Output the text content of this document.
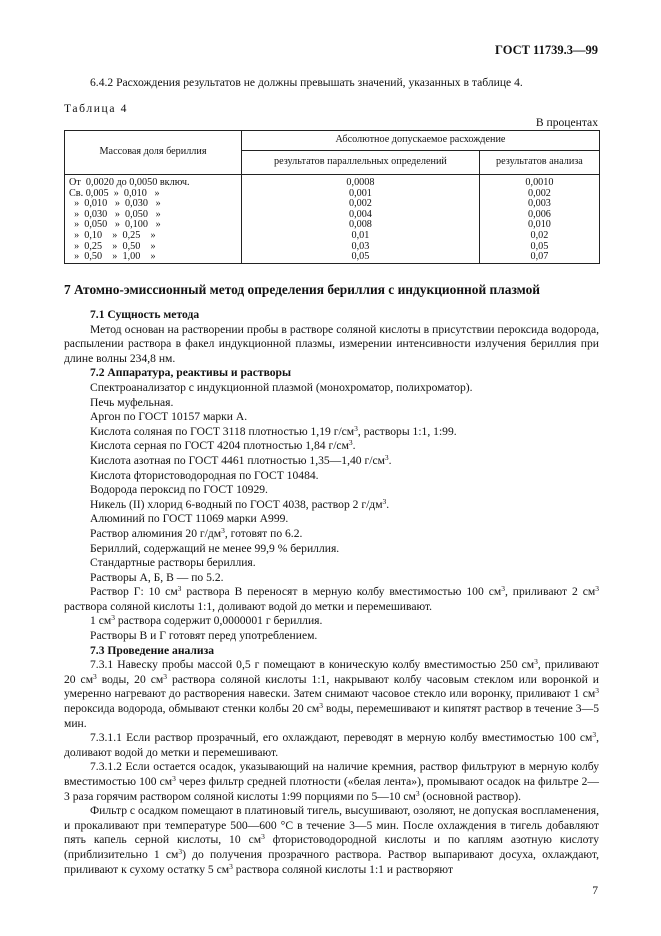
ГОСТ 11739.3—99
6.4.2 Расхождения результатов не должны превышать значений, указанных в таблице 4.
Таблица 4
В процентах
Массовая доля бериллия	Абсолютное допускаемое расхождение	
	результатов параллельных определений	результатов анализа
От  0,0020 до 0,0050 включ.	0,0008	0,0010
Св. 0,005  »  0,010   »	0,001	0,002
»  0,010   »  0,030   »	0,002	0,003
»  0,030   »  0,050   »	0,004	0,006
»  0,050   »  0,100   »	0,008	0,010
»  0,10    »  0,25    »	0,01	0,02
»  0,25    »  0,50    »	0,03	0,05
»  0,50    »  1,00    »	0,05	0,07
7 Атомно-эмиссионный метод определения бериллия с индукционной плазмой
7.1 Сущность метода
Метод основан на растворении пробы в растворе соляной кислоты в присутствии пероксида водорода, распылении раствора в факел индукционной плазмы, измерении интенсивности излучения бериллия при длине волны 234,8 нм.
7.2 Аппаратура, реактивы и растворы
Спектроанализатор с индукционной плазмой (монохроматор, полихроматор).
Печь муфельная.
Аргон по ГОСТ 10157 марки А.
Кислота соляная по ГОСТ 3118 плотностью 1,19 $г/см^3$, растворы 1:1, 1:99.
Кислота серная по ГОСТ 4204 плотностью 1,84 $г/см^3$.
Кислота азотная по ГОСТ 4461 плотностью 1,35—1,40 $г/см^3$.
Кислота фтористоводородная по ГОСТ 10484.
Водорода пероксид по ГОСТ 10929.
Никель (II) хлорид 6-водный по ГОСТ 4038, раствор 2 $г/дм^3$.
Алюминий по ГОСТ 11069 марки А999.
Раствор алюминия 20 $г/дм^3$, готовят по 6.2.
Бериллий, содержащий не менее 99,9 % бериллия.
Стандартные растворы бериллия.
Растворы А, Б, В — по 5.2.
Раствор Г: 10 $см^3$ раствора В переносят в мерную колбу вместимостью 100 $см^3$, приливают 2 $см^3$ раствора соляной кислоты 1:1, доливают водой до метки и перемешивают.
1 $см^3$ раствора содержит 0,0000001 г бериллия.
Растворы В и Г готовят перед употреблением.
7.3 Проведение анализа
7.3.1 Навеску пробы массой 0,5 г помещают в коническую колбу вместимостью 250 $см^3$, приливают 20 $см^3$ воды, 20 $см^3$ раствора соляной кислоты 1:1, накрывают колбу часовым стеклом или воронкой и умеренно нагревают до растворения навески. Затем снимают часовое стекло или воронку, приливают 1 $см^3$ пероксида водорода, обмывают стенки колбы 20 $см^3$ воды, перемешивают и кипятят раствор в течение 3—5 мин.
7.3.1.1 Если раствор прозрачный, его охлаждают, переводят в мерную колбу вместимостью 100 $см^3$, доливают водой до метки и перемешивают.
7.3.1.2 Если остается осадок, указывающий на наличие кремния, раствор фильтруют в мерную колбу вместимостью 100 $см^3$ через фильтр средней плотности («белая лента»), промывают осадок на фильтре 2—3 раза горячим раствором соляной кислоты 1:99 порциями по 5—10 $см^3$ (основной раствор).
Фильтр с осадком помещают в платиновый тигель, высушивают, озоляют, не допуская воспламенения, и прокаливают при температуре 500—600 °С в течение 3—5 мин. После охлаждения в тигель добавляют пять капель серной кислоты, 10 $см^3$ фтористоводородной кислоты и по каплям азотную кислоту (приблизительно 1 $см^3$) до получения прозрачного раствора. Раствор выпаривают досуха, охлаждают, приливают к сухому остатку 5 $см^3$ раствора соляной кислоты 1:1 и растворяют
7
